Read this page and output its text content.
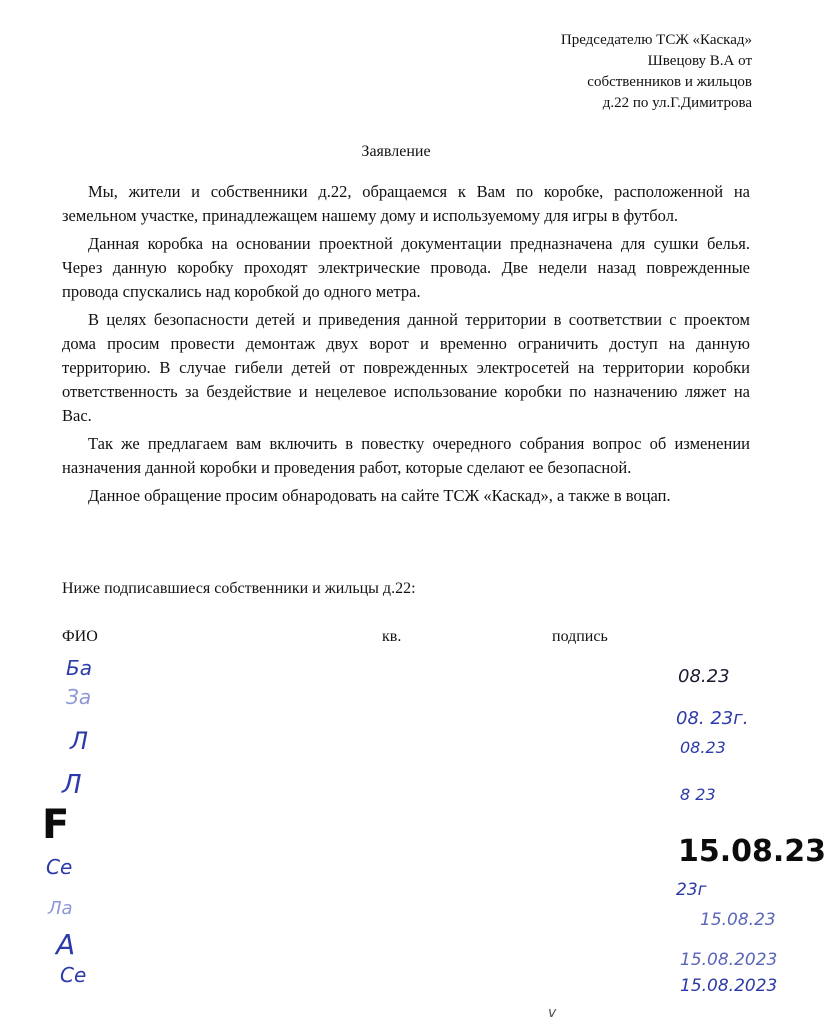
Председателю ТСЖ «Каскад»
Швецову В.А от
собственников и жильцов
д.22 по ул.Г.Димитрова
Заявление

Мы, жители и собственники д.22, обращаемся к Вам по коробке, расположенной на земельном участке, принадлежащем нашему дому и используемому для игры в футбол.

Данная коробка на основании проектной документации предназначена для сушки белья. Через данную коробку проходят электрические провода. Две недели назад поврежденные провода спускались над коробкой до одного метра.

В целях безопасности детей и приведения данной территории в соответствии с проектом дома просим провести демонтаж двух ворот и временно ограничить доступ на данную территорию. В случае гибели детей от поврежденных электросетей на территории коробки ответственность за бездействие и нецелевое использование коробки по назначению ляжет на Вас.

Так же предлагаем вам включить в повестку очередного собрания вопрос об изменении назначения данной коробки и проведения работ, которые сделают ее безопасной.

Данное обращение просим обнародовать на сайте ТСЖ «Каскад», а также в воцап.

Ниже подписавшиеся собственники и жильцы д.22:
ФИО	кв.	подпись
Ба
За
Л
Л
F
Се
Ла
А
Се
08.23
08. 23г.
08.23
8 23
15.08.23
23г
15.08.23
15.08.2023
15.08.2023
v
